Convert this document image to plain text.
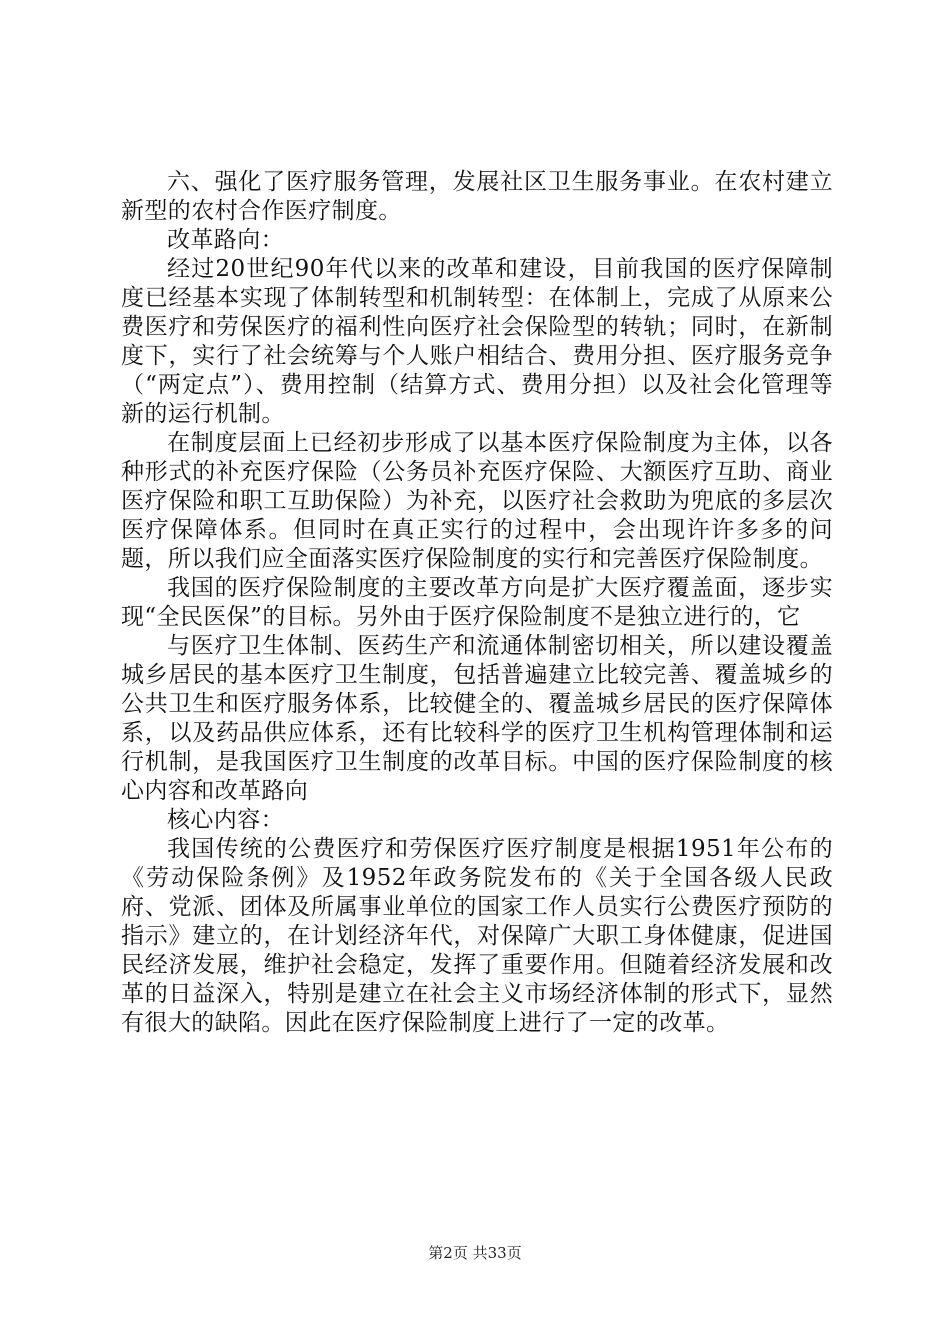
六、强化了医疗服务管理，发展社区卫生服务事业。在农村建立新型的农村合作医疗制度。

改革路向：

经过20世纪90年代以来的改革和建设，目前我国的医疗保障制度已经基本实现了体制转型和机制转型：在体制上，完成了从原来公费医疗和劳保医疗的福利性向医疗社会保险型的转轨；同时，在新制度下，实行了社会统筹与个人账户相结合、费用分担、医疗服务竞争（“两定点”）、费用控制（结算方式、费用分担）以及社会化管理等新的运行机制。

在制度层面上已经初步形成了以基本医疗保险制度为主体，以各种形式的补充医疗保险（公务员补充医疗保险、大额医疗互助、商业医疗保险和职工互助保险）为补充，以医疗社会救助为兜底的多层次医疗保障体系。但同时在真正实行的过程中，会出现许许多多的问题，所以我们应全面落实医疗保险制度的实行和完善医疗保险制度。

我国的医疗保险制度的主要改革方向是扩大医疗覆盖面，逐步实现“全民医保”的目标。另外由于医疗保险制度不是独立进行的，它

与医疗卫生体制、医药生产和流通体制密切相关，所以建设覆盖城乡居民的基本医疗卫生制度，包括普遍建立比较完善、覆盖城乡的公共卫生和医疗服务体系，比较健全的、覆盖城乡居民的医疗保障体系，以及药品供应体系，还有比较科学的医疗卫生机构管理体制和运行机制，是我国医疗卫生制度的改革目标。中国的医疗保险制度的核心内容和改革路向

核心内容：

我国传统的公费医疗和劳保医疗医疗制度是根据1951年公布的《劳动保险条例》及1952年政务院发布的《关于全国各级人民政府、党派、团体及所属事业单位的国家工作人员实行公费医疗预防的指示》建立的，在计划经济年代，对保障广大职工身体健康，促进国民经济发展，维护社会稳定，发挥了重要作用。但随着经济发展和改革的日益深入，特别是建立在社会主义市场经济体制的形式下，显然有很大的缺陷。因此在医疗保险制度上进行了一定的改革。

第2页 共33页
